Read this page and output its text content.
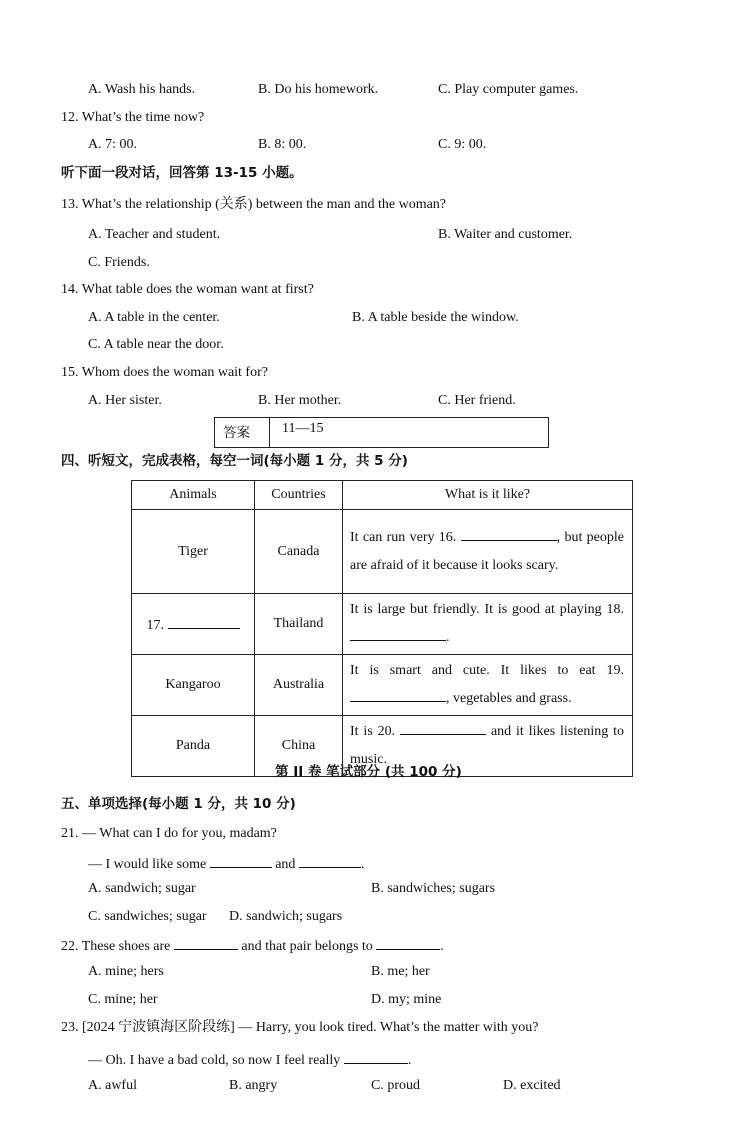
A. Wash his hands.	B. Do his homework.	C. Play computer games.
12. What’s the time now?
A. 7: 00.	B. 8: 00.	C. 9: 00.
听下面一段对话，回答第 13-15 小题。
13. What’s the relationship (关系) between the man and the woman?
A. Teacher and student.	B. Waiter and customer.
C. Friends.
14. What table does the woman want at first?
A. A table in the center.	B. A table beside the window.
C. A table near the door.
15. Whom does the woman wait for?
A. Her sister.	B. Her mother.	C. Her friend.
答案	11—15
四、听短文，完成表格，每空一词(每小题 1 分，共 5 分)
Animals	Countries	What is it like?
Tiger	Canada	It can run very 16. , but people are afraid of it because it looks scary.
17.	Thailand	It is large but friendly. It is good at playing 18. .
Kangaroo	Australia	It is smart and cute. It likes to eat 19., vegetables and grass.
Panda	China	It is 20. and it likes listening to music.
第 II 卷 笔试部分 (共 100 分)
五、单项选择(每小题 1 分，共 10 分)
21. — What can I do for you, madam?
— I would like some	and	.
A. sandwich; sugar	B. sandwiches; sugars
C. sandwiches; sugar D. sandwich; sugars
22. These shoes are	and that pair belongs to	.
A. mine; hers	B. me; her
C. mine; her	D. my; mine
23. [2024 宁波镇海区阶段练] — Harry, you look tired. What’s the matter with you?
— Oh. I have a bad cold, so now I feel really	.
A. awful	B. angry	C. proud	D. excited
